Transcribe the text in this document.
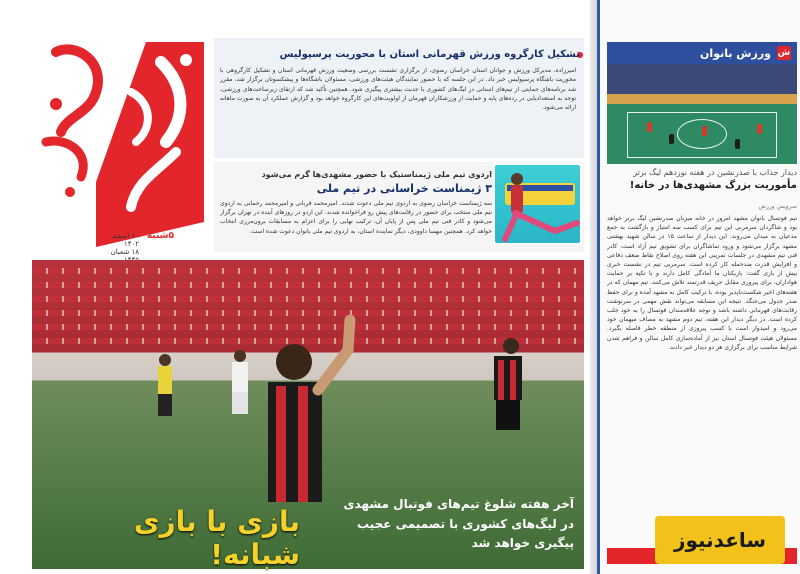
۲۲۸۰
۵شنبه
۱۰ اسفند ۱۴۰۲
۱۸ شعبان
تشکیل کارگروه ورزش قهرمانی استان با محوریت پرسپولیس
امیرزاده، مدیرکل ورزش و جوانان استان خراسان رضوی، از برگزاری نشست بررسی وضعیت ورزش قهرمانی استان و تشکیل کارگروهی با محوریت باشگاه پرسپولیس خبر داد. در این جلسه که با حضور نمایندگان هیئت‌های ورزشی، مسئولان باشگاه‌ها و پیشکسوتان برگزار شد، مقرر شد برنامه‌های حمایتی از تیم‌های استانی در لیگ‌های کشوری با جدیت بیشتری پیگیری شود. همچنین تأکید شد که ارتقای زیرساخت‌های ورزشی، توجه به استعدادیابی در رده‌های پایه و حمایت از ورزشکاران قهرمان از اولویت‌های این کارگروه خواهد بود و گزارش عملکرد آن به صورت ماهانه ارائه می‌شود.
اردوی تیم ملی ژیمناستیک با حضور مشهدی‌ها گرم می‌شود
۳ ژیمناست خراسانی در تیم ملی
سه ژیمناست خراسان رضوی به اردوی تیم ملی دعوت شدند. امیرمحمد قربانی و امیرمحمد رحمانی به اردوی تیم ملی منتخب برای حضور در رقابت‌های پیش رو فراخوانده شدند. این اردو در روزهای آینده در تهران برگزار می‌شود و کادر فنی تیم ملی پس از پایان آن، ترکیب نهایی را برای اعزام به مسابقات برون‌مرزی انتخاب خواهد کرد. همچنین مهسا داوودی، دیگر نماینده استان، به اردوی تیم ملی بانوان دعوت شده است.
آخر هفته شلوغ تیم‌های فوتبال مشهدی
در لیگ‌های کشوری با تصمیمی عجیب
پیگیری خواهد شد
بازی با بازی شبانه!
ش
ورزش بانوان
دیدار جذاب با صدرنشین در هفته نوزدهم لیگ برتر
مأموریت بزرگ مشهدی‌ها در خانه!
سرویس ورزش
تیم فوتسال بانوان مشهد امروز در خانه میزبان صدرنشین لیگ برتر خواهد بود و شاگردان سرمربی این تیم برای کسب سه امتیاز و بازگشت به جمع مدعیان به میدان می‌روند. این دیدار از ساعت ۱۵ در سالن شهید بهشتی مشهد برگزار می‌شود و ورود تماشاگران برای تشویق تیم آزاد است. کادر فنی تیم مشهدی در جلسات تمرینی این هفته روی اصلاح نقاط ضعف دفاعی و افزایش قدرت ضدحمله کار کرده است. سرمربی تیم در نشست خبری پیش از بازی گفت: بازیکنان ما آمادگی کامل دارند و با تکیه بر حمایت هواداران، برای پیروزی مقابل حریف قدرتمند تلاش می‌کنند. تیم مهمان که در هفته‌های اخیر شکست‌ناپذیر بوده، با ترکیب کامل به مشهد آمده و برای حفظ صدر جدول می‌جنگد. نتیجه این مسابقه می‌تواند نقش مهمی در سرنوشت رقابت‌های قهرمانی داشته باشد و توجه علاقه‌مندان فوتسال را به خود جلب کرده است. در دیگر دیدار این هفته، تیم دوم مشهد به مصاف میهمان خود می‌رود و امیدوار است با کسب پیروزی از منطقه خطر فاصله بگیرد. مسئولان هیئت فوتسال استان نیز از آماده‌سازی کامل سالن و فراهم شدن شرایط مناسب برای برگزاری هر دو دیدار خبر دادند.
ساعدنیوز
